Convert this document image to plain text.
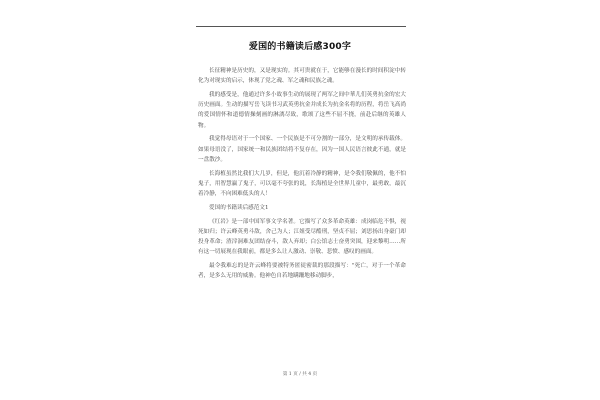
爱国的书籍读后感300字

长征精神是历史的，又是现实的。其可贵就在于，它能够在漫长的时间积淀中转化为对现实的启示，体现了党之魂、军之魂和民族之魂。

我的感受是，他通过许多小故事生动的展现了两军之间中華儿们英勇抗金的宏大历史画面。生动的描写岳飞读书习武英勇抗金并成长为抗金名将的历程，将岳飞高尚的爱国情怀和道德情操刻画的淋漓尽致，歌颂了这些不屈不挠，前赴后继的英雄人物。

我觉得母语对于一个国家、一个民族是不可分割的一部分，是文明的承传载体。如果母语没了，国家统一和民族团结将不复存在，因为一国人民语言彼此不通，就是一盘散沙。

长海植虽然比我们大几岁，但是，他沉着冷静的精神，是令我们敬佩的，他不怕鬼子，用智慧赢了鬼子，可以毫不夸张的说，长海植是全世界儿童中，最勇敢，最沉着冷静，不向困难低头的人！

爱国的书籍读后感范文1

《红岩》是一部中国军事文学名著。它描写了众多革命英雄：成岗临危不惧，视死如归；许云峰英勇斗敌，舍己为人；江姐受尽酷刑，坚贞不屈；刘思扬出身豪门却投身革命；渣滓洞难友团结奋斗，敌人弃却；白公馆志士奋勇突围，迎来黎明……所有这一切展现在我眼前，都是多么让人激动、崇敬、悲愤、感叹的画面。

最令我难忘的是许云峰将要被特务匿徒密裁的那段描写："死亡，对于一个革命者，是多么无用的威胁。他神色自若地蹒跚地移动脚步，

第 1 页 / 共 4 页
